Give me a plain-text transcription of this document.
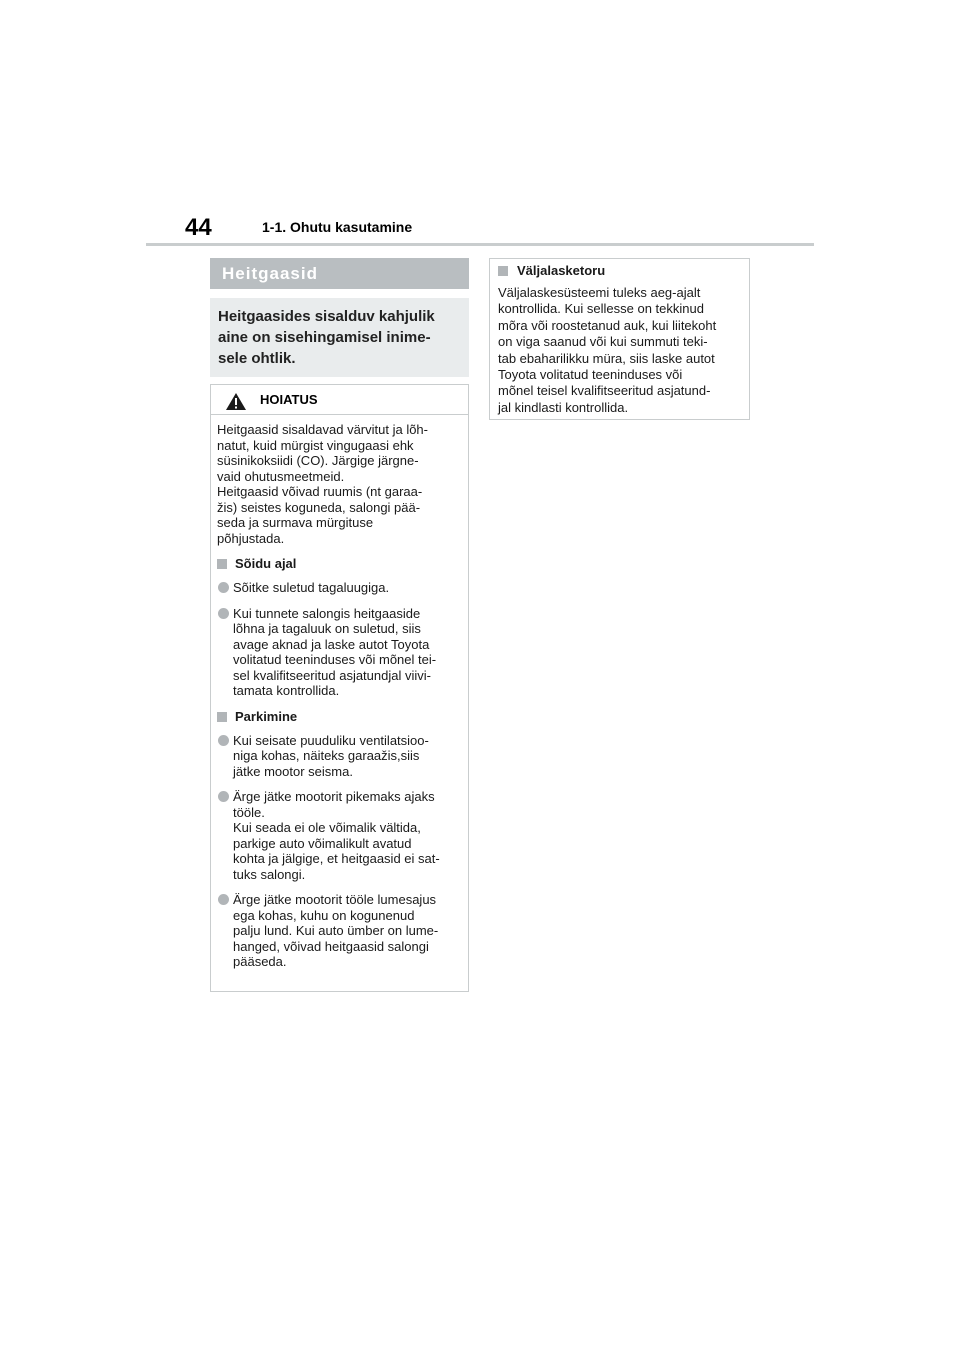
44	1-1. Ohutu kasutamine
Heitgaasid
Heitgaasides sisalduv kahjulik
aine on sisehingamisel inime-
sele ohtlik.
HOIATUS
Heitgaasid sisaldavad värvitut ja lõh-
natut, kuid mürgist vingugaasi ehk
süsinikoksiidi (CO). Järgige järgne-
vaid ohutusmeetmeid.
Heitgaasid võivad ruumis (nt garaa-
žis) seistes koguneda, salongi pää-
seda ja surmava mürgituse
põhjustada.
Sõidu ajal
Sõitke suletud tagaluugiga.
Kui tunnete salongis heitgaaside
lõhna ja tagaluuk on suletud, siis
avage aknad ja laske autot Toyota
volitatud teeninduses või mõnel tei-
sel kvalifitseeritud asjatundjal viivi-
tamata kontrollida.
Parkimine
Kui seisate puuduliku ventilatsioo-
niga kohas, näiteks garaažis,siis
jätke mootor seisma.
Ärge jätke mootorit pikemaks ajaks
tööle.
Kui seada ei ole võimalik vältida,
parkige auto võimalikult avatud
kohta ja jälgige, et heitgaasid ei sat-
tuks salongi.
Ärge jätke mootorit tööle lumesajus
ega kohas, kuhu on kogunenud
palju lund. Kui auto ümber on lume-
hanged, võivad heitgaasid salongi
pääseda.
Väljalasketoru
Väljalaskesüsteemi tuleks aeg-ajalt
kontrollida. Kui sellesse on tekkinud
mõra või roostetanud auk, kui liitekoht
on viga saanud või kui summuti teki-
tab ebaharilikku müra, siis laske autot
Toyota volitatud teeninduses või
mõnel teisel kvalifitseeritud asjatund-
jal kindlasti kontrollida.
